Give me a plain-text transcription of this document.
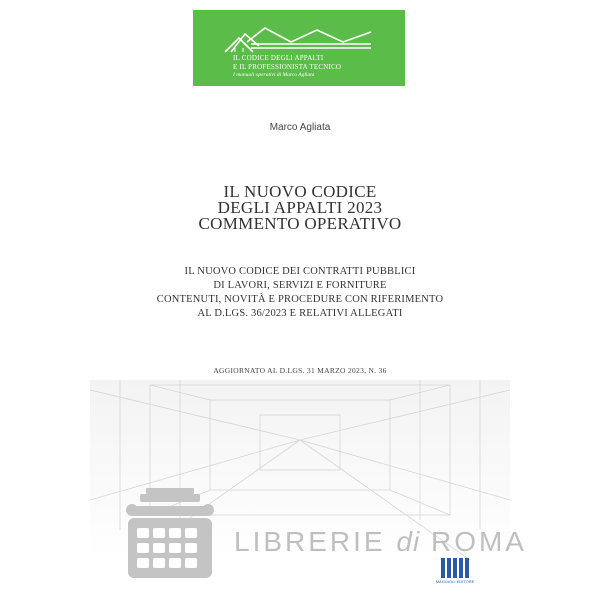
IL CODICE DEGLI APPALTI
E IL PROFESSIONISTA TECNICO
I manuali operativi di Marco Agliata
Marco Agliata
IL NUOVO CODICE
DEGLI APPALTI 2023
COMMENTO OPERATIVO
IL NUOVO CODICE DEI CONTRATTI PUBBLICI
DI LAVORI, SERVIZI E FORNITURE
CONTENUTI, NOVITÀ E PROCEDURE CON RIFERIMENTO
AL D.LGS. 36/2023 E RELATIVI ALLEGATI
AGGIORNATO AL D.LGS. 31 MARZO 2023, N. 36
LIBRERIE di ROMA
MAGGIOLI EDITORE
